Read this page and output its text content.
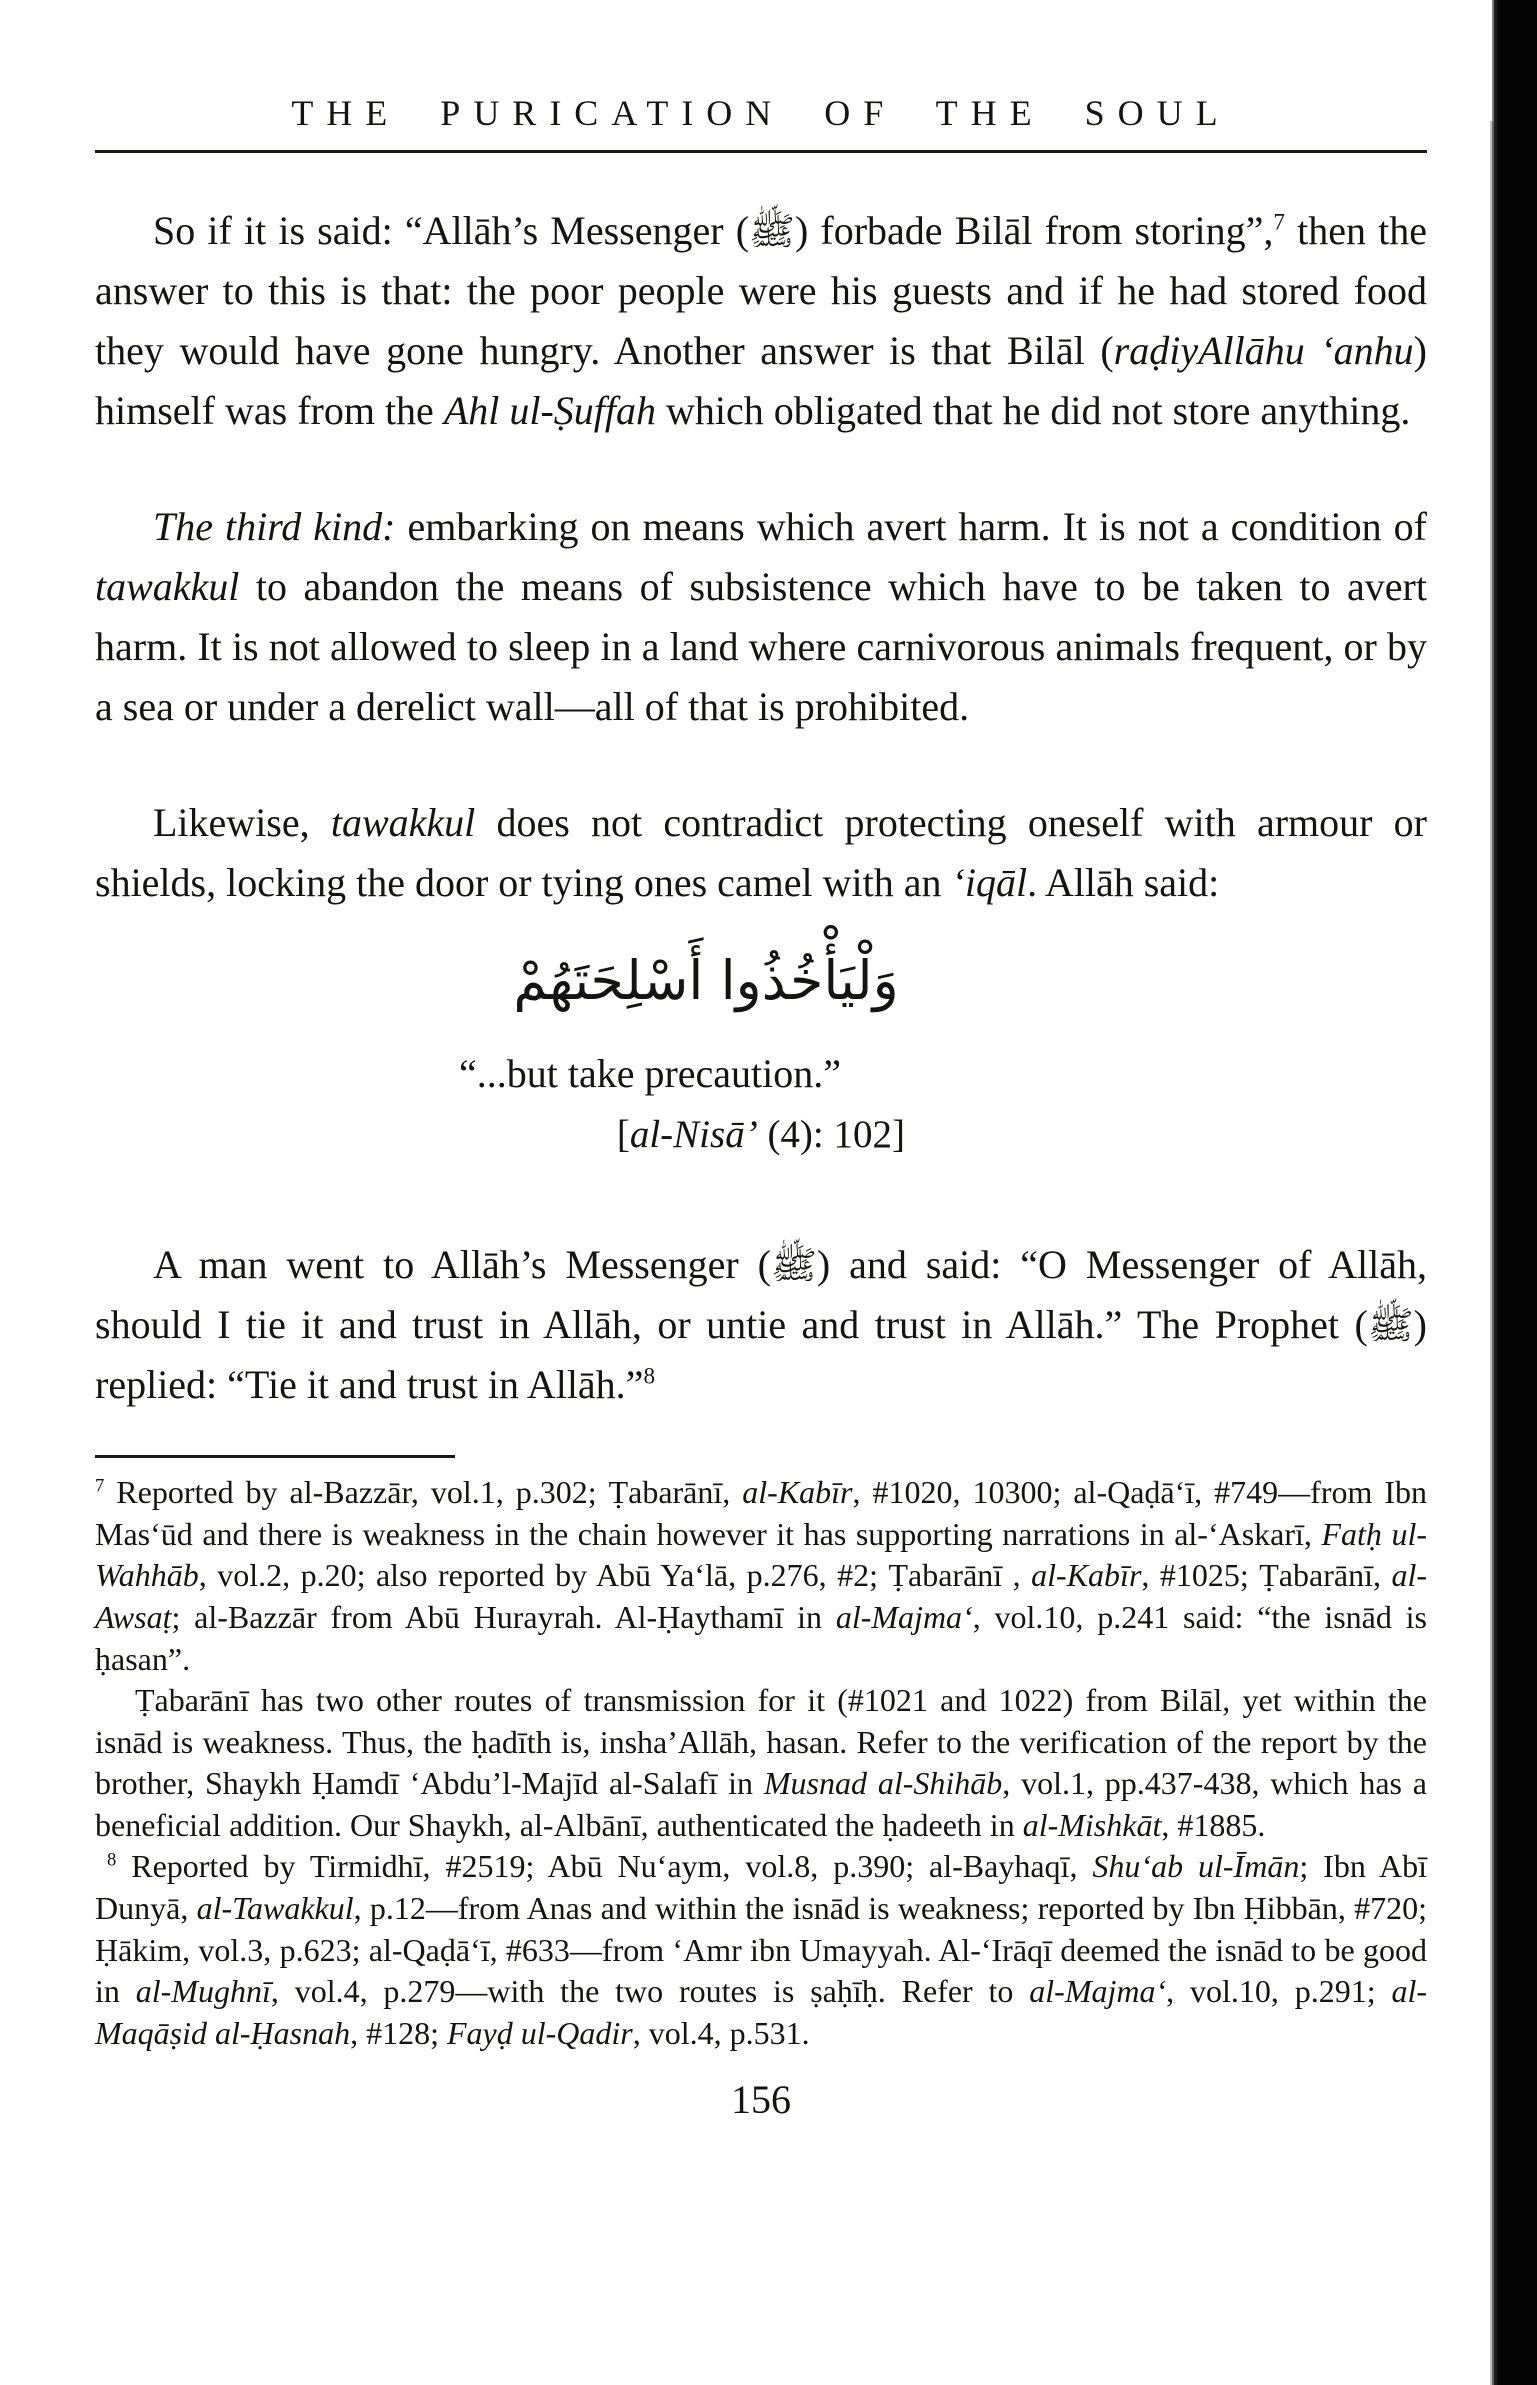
THE PURICATION OF THE SOUL

So if it is said: “Allāh’s Messenger (ﷺ) forbade Bilāl from storing”,$^7$ then the answer to this is that: the poor people were his guests and if he had stored food they would have gone hungry. Another answer is that Bilāl (raḍiyAllāhu ‘anhu) himself was from the Ahl ul-Ṣuffah which obligated that he did not store anything.

The third kind: embarking on means which avert harm. It is not a condition of tawakkul to abandon the means of subsistence which have to be taken to avert harm. It is not allowed to sleep in a land where carnivorous animals frequent, or by a sea or under a derelict wall—all of that is prohibited.

Likewise, tawakkul does not contradict protecting oneself with armour or shields, locking the door or tying ones camel with an ‘iqāl. Allāh said:

وَلْيَأْخُذُوا أَسْلِحَتَهُمْ
“...but take precaution.”
[al-Nisā’ (4): 102]

A man went to Allāh’s Messenger (ﷺ) and said: “O Messenger of Allāh, should I tie it and trust in Allāh, or untie and trust in Allāh.” The Prophet (ﷺ) replied: “Tie it and trust in Allāh.”$^8$

$^7$ Reported by al-Bazzār, vol.1, p.302; Ṭabarānī, al-Kabīr, #1020, 10300; al-Qaḍā‘ī, #749—from Ibn Mas‘ūd and there is weakness in the chain however it has supporting narrations in al-‘Askarī, Fatḥ ul-Wahhāb, vol.2, p.20; also reported by Abū Ya‘lā, p.276, #2; Ṭabarānī , al-Kabīr, #1025; Ṭabarānī, al-Awsaṭ; al-Bazzār from Abū Hurayrah. Al-Ḥaythamī in al-Majma‘, vol.10, p.241 said: “the isnād is ḥasan”.

Ṭabarānī has two other routes of transmission for it (#1021 and 1022) from Bilāl, yet within the isnād is weakness. Thus, the ḥadīth is, insha’Allāh, hasan. Refer to the verification of the report by the brother, Shaykh Ḥamdī ‘Abdu’l-Majīd al-Salafī in Musnad al-Shihāb, vol.1, pp.437-438, which has a beneficial addition. Our Shaykh, al-Albānī, authenticated the ḥadeeth in al-Mishkāt, #1885.

$^8$ Reported by Tirmidhī, #2519; Abū Nu‘aym, vol.8, p.390; al-Bayhaqī, Shu‘ab ul-Īmān; Ibn Abī Dunyā, al-Tawakkul, p.12—from Anas and within the isnād is weakness; reported by Ibn Ḥibbān, #720; Ḥākim, vol.3, p.623; al-Qaḍā‘ī, #633—from ‘Amr ibn Umayyah. Al-‘Irāqī deemed the isnād to be good in al-Mughnī, vol.4, p.279—with the two routes is ṣaḥīḥ. Refer to al-Majma‘, vol.10, p.291; al-Maqāṣid al-Ḥasnah, #128; Fayḍ ul-Qadir, vol.4, p.531.

156
